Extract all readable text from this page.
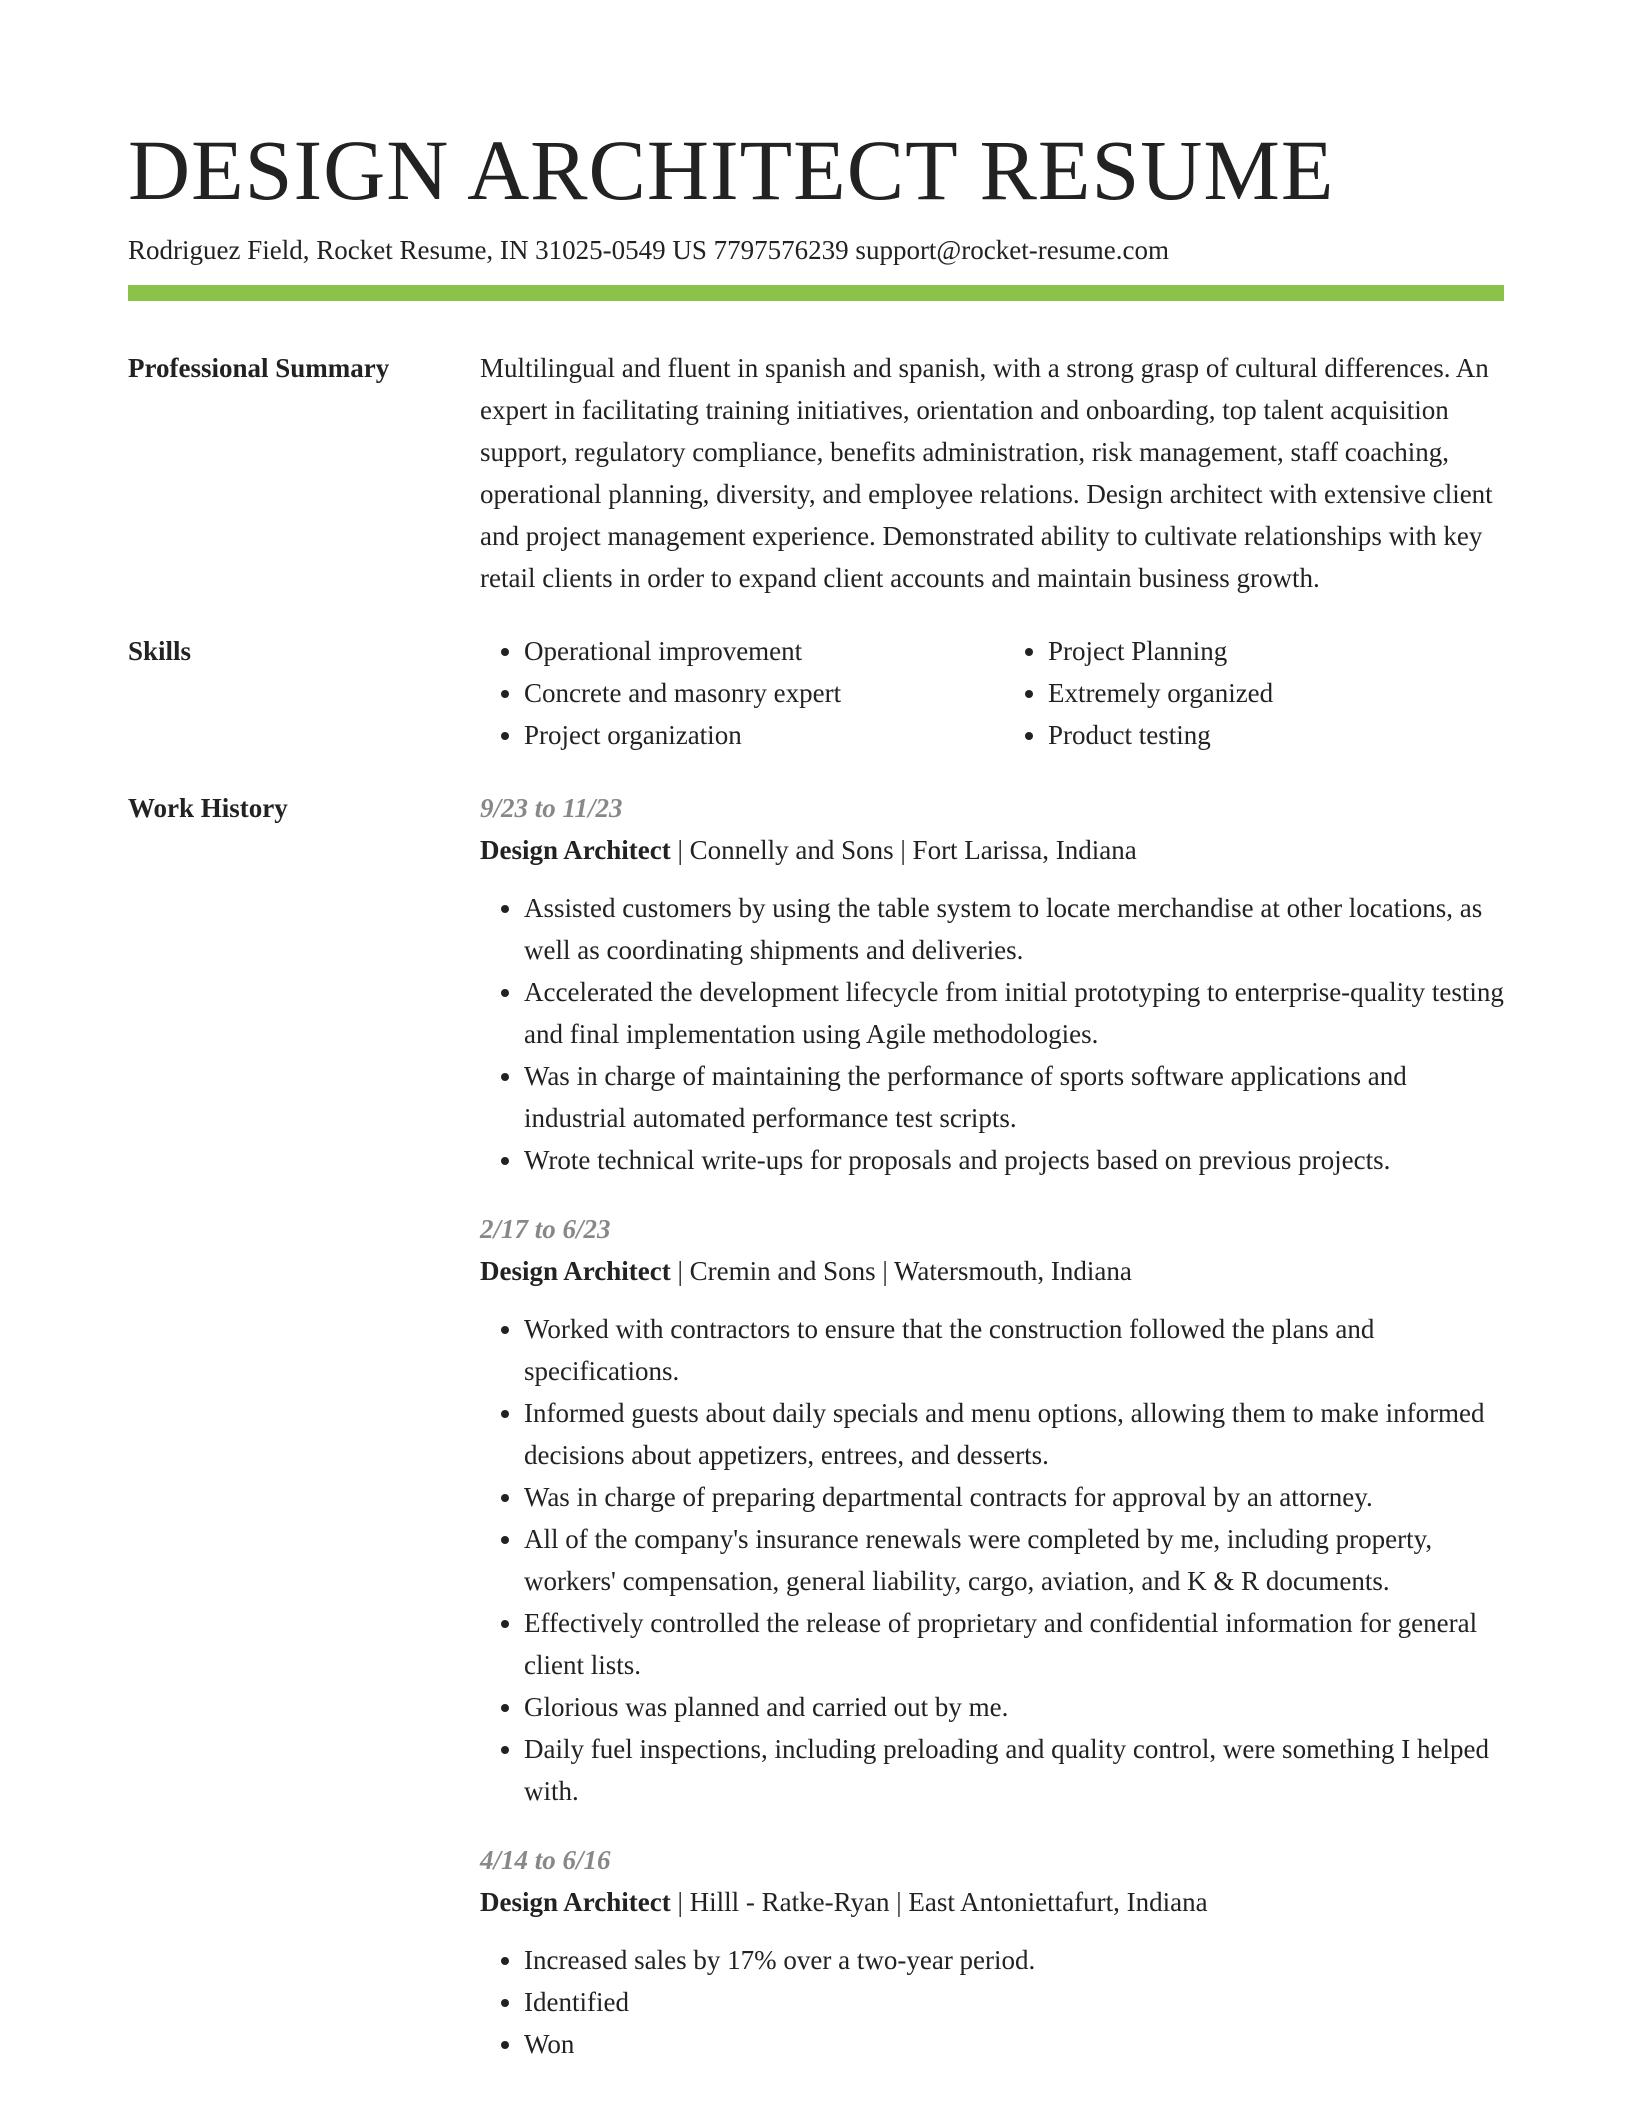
DESIGN ARCHITECT RESUME
Rodriguez Field, Rocket Resume, IN 31025-0549 US 7797576239 support@rocket-resume.com
Professional Summary	Multilingual and fluent in spanish and spanish, with a strong grasp of cultural differences. An expert in facilitating training initiatives, orientation and onboarding, top talent acquisition support, regulatory compliance, benefits administration, risk management, staff coaching, operational planning, diversity, and employee relations. Design architect with extensive client and project management experience. Demonstrated ability to cultivate relationships with key retail clients in order to expand client accounts and maintain business growth.

Skills
•	Operational improvement
• Concrete and masonry expert
• Project organization
• Project Planning
• Extremely organized
• Product testing
Work History	9/23 to 11/23
Design Architect | Connelly and Sons | Fort Larissa, Indiana
• Assisted customers by using the table system to locate merchandise at other locations, as well as coordinating shipments and deliveries.
• Accelerated the development lifecycle from initial prototyping to enterprise-quality testing and final implementation using Agile methodologies.
• Was in charge of maintaining the performance of sports software applications and industrial automated performance test scripts.
• Wrote technical write-ups for proposals and projects based on previous projects.
2/17 to 6/23
Design Architect | Cremin and Sons | Watersmouth, Indiana
• Worked with contractors to ensure that the construction followed the plans and specifications.
• Informed guests about daily specials and menu options, allowing them to make informed decisions about appetizers, entrees, and desserts.
• Was in charge of preparing departmental contracts for approval by an attorney.
• All of the company's insurance renewals were completed by me, including property, workers' compensation, general liability, cargo, aviation, and K & R documents.
• Effectively controlled the release of proprietary and confidential information for general client lists.
• Glorious was planned and carried out by me.
• Daily fuel inspections, including preloading and quality control, were something I helped with.
4/14 to 6/16
Design Architect | Hilll - Ratke-Ryan | East Antoniettafurt, Indiana
• Increased sales by 17% over a two-year period.
• Identified
• Won
